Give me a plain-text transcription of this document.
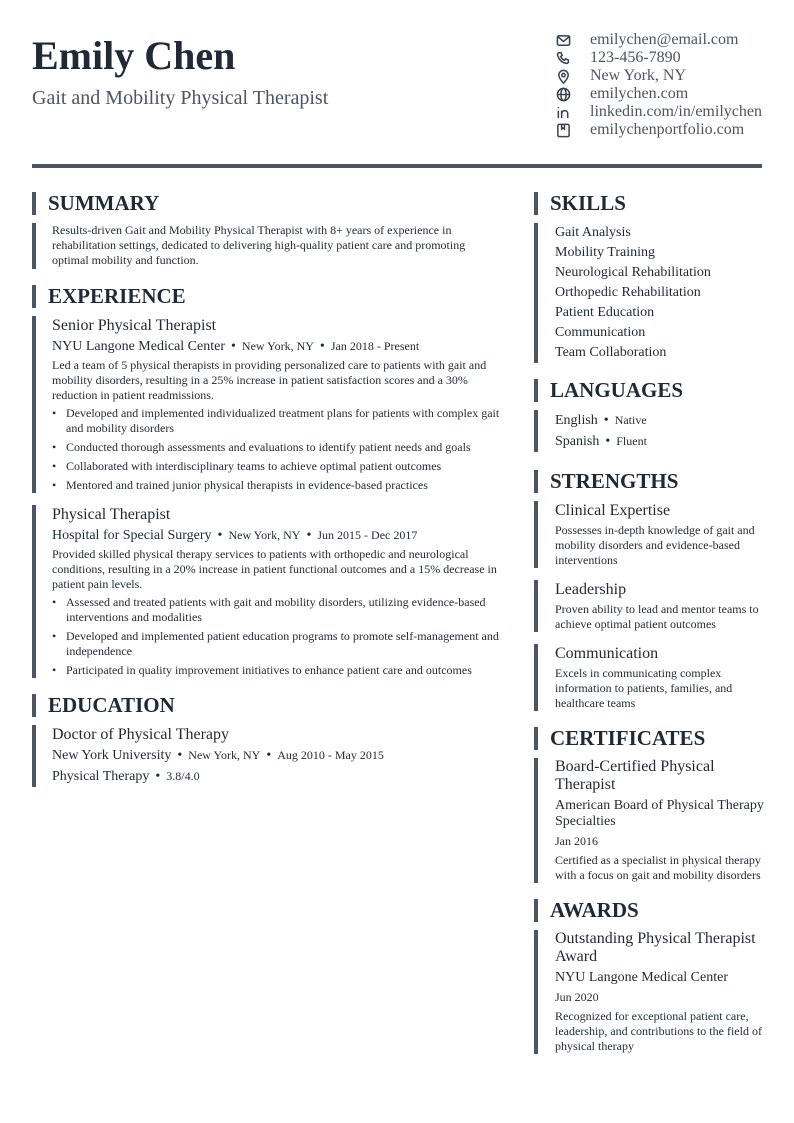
Emily Chen
Gait and Mobility Physical Therapist
emilychen@email.com
123-456-7890
New York, NY
emilychen.com
linkedin.com/in/emilychen
emilychenportfolio.com
SUMMARY
Results-driven Gait and Mobility Physical Therapist with 8+ years of experience in rehabilitation settings, dedicated to delivering high-quality patient care and promoting optimal mobility and function.
EXPERIENCE
Senior Physical Therapist
NYU Langone Medical Center • New York, NY • Jan 2018 - Present
Led a team of 5 physical therapists in providing personalized care to patients with gait and mobility disorders, resulting in a 25% increase in patient satisfaction scores and a 30% reduction in patient readmissions.
• Developed and implemented individualized treatment plans for patients with complex gait and mobility disorders
• Conducted thorough assessments and evaluations to identify patient needs and goals
• Collaborated with interdisciplinary teams to achieve optimal patient outcomes
• Mentored and trained junior physical therapists in evidence-based practices
Physical Therapist
Hospital for Special Surgery • New York, NY • Jun 2015 - Dec 2017
Provided skilled physical therapy services to patients with orthopedic and neurological conditions, resulting in a 20% increase in patient functional outcomes and a 15% decrease in patient pain levels.
• Assessed and treated patients with gait and mobility disorders, utilizing evidence-based interventions and modalities
• Developed and implemented patient education programs to promote self-management and independence
• Participated in quality improvement initiatives to enhance patient care and outcomes
EDUCATION
Doctor of Physical Therapy
New York University • New York, NY • Aug 2010 - May 2015
Physical Therapy • 3.8/4.0
SKILLS
Gait Analysis
Mobility Training
Neurological Rehabilitation
Orthopedic Rehabilitation
Patient Education
Communication
Team Collaboration
LANGUAGES
English • Native
Spanish • Fluent
STRENGTHS
Clinical Expertise
Possesses in-depth knowledge of gait and mobility disorders and evidence-based interventions
Leadership
Proven ability to lead and mentor teams to achieve optimal patient outcomes
Communication
Excels in communicating complex information to patients, families, and healthcare teams
CERTIFICATES
Board-Certified Physical Therapist
American Board of Physical Therapy Specialties
Jan 2016
Certified as a specialist in physical therapy with a focus on gait and mobility disorders
AWARDS
Outstanding Physical Therapist Award
NYU Langone Medical Center
Jun 2020
Recognized for exceptional patient care, leadership, and contributions to the field of physical therapy
